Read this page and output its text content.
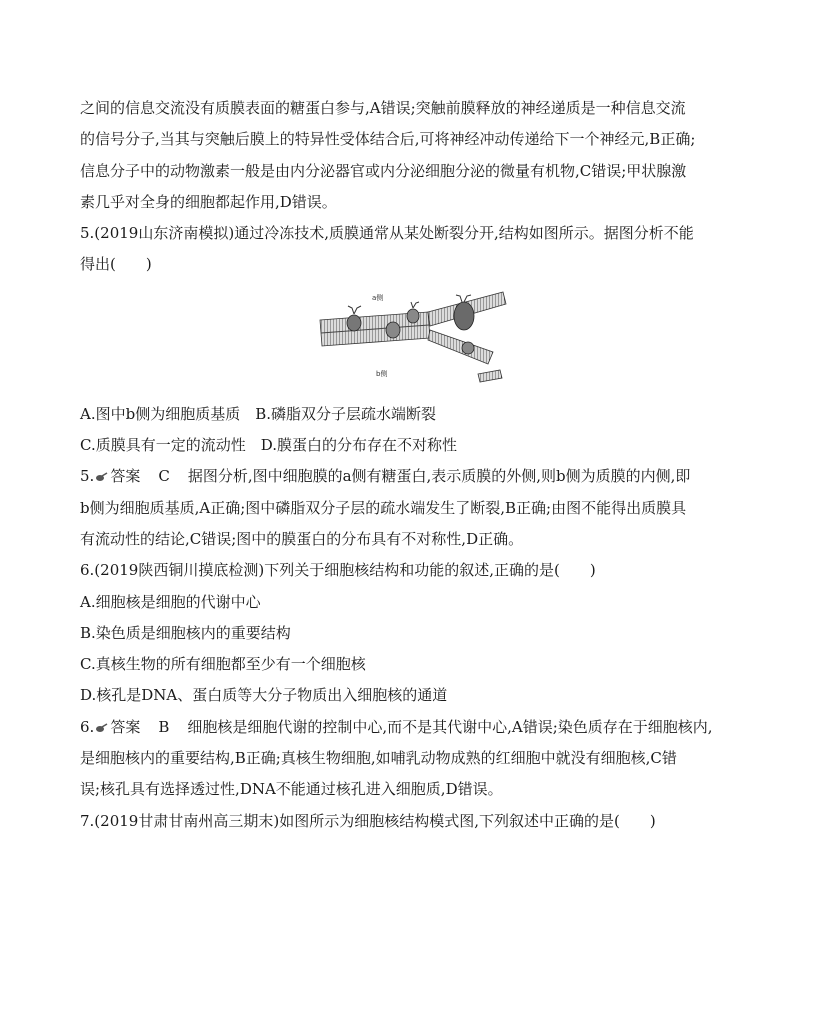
之间的信息交流没有质膜表面的糖蛋白参与,A错误;突触前膜释放的神经递质是一种信息交流
的信号分子,当其与突触后膜上的特异性受体结合后,可将神经冲动传递给下一个神经元,B正确;
信息分子中的动物激素一般是由内分泌器官或内分泌细胞分泌的微量有机物,C错误;甲状腺激
素几乎对全身的细胞都起作用,D错误。
5.(2019山东济南模拟)通过冷冻技术,质膜通常从某处断裂分开,结构如图所示。据图分析不能
得出(　　)
a侧
b侧
A.图中b侧为细胞质基质　B.磷脂双分子层疏水端断裂
C.质膜具有一定的流动性　D.膜蛋白的分布存在不对称性
5. 答案 C 据图分析,图中细胞膜的a侧有糖蛋白,表示质膜的外侧,则b侧为质膜的内侧,即
b侧为细胞质基质,A正确;图中磷脂双分子层的疏水端发生了断裂,B正确;由图不能得出质膜具
有流动性的结论,C错误;图中的膜蛋白的分布具有不对称性,D正确。
6.(2019陕西铜川摸底检测)下列关于细胞核结构和功能的叙述,正确的是(　　)
A.细胞核是细胞的代谢中心
B.染色质是细胞核内的重要结构
C.真核生物的所有细胞都至少有一个细胞核
D.核孔是DNA、蛋白质等大分子物质出入细胞核的通道
6. 答案 B 细胞核是细胞代谢的控制中心,而不是其代谢中心,A错误;染色质存在于细胞核内,
是细胞核内的重要结构,B正确;真核生物细胞,如哺乳动物成熟的红细胞中就没有细胞核,C错
误;核孔具有选择透过性,DNA不能通过核孔进入细胞质,D错误。
7.(2019甘肃甘南州高三期末)如图所示为细胞核结构模式图,下列叙述中正确的是(　　)
